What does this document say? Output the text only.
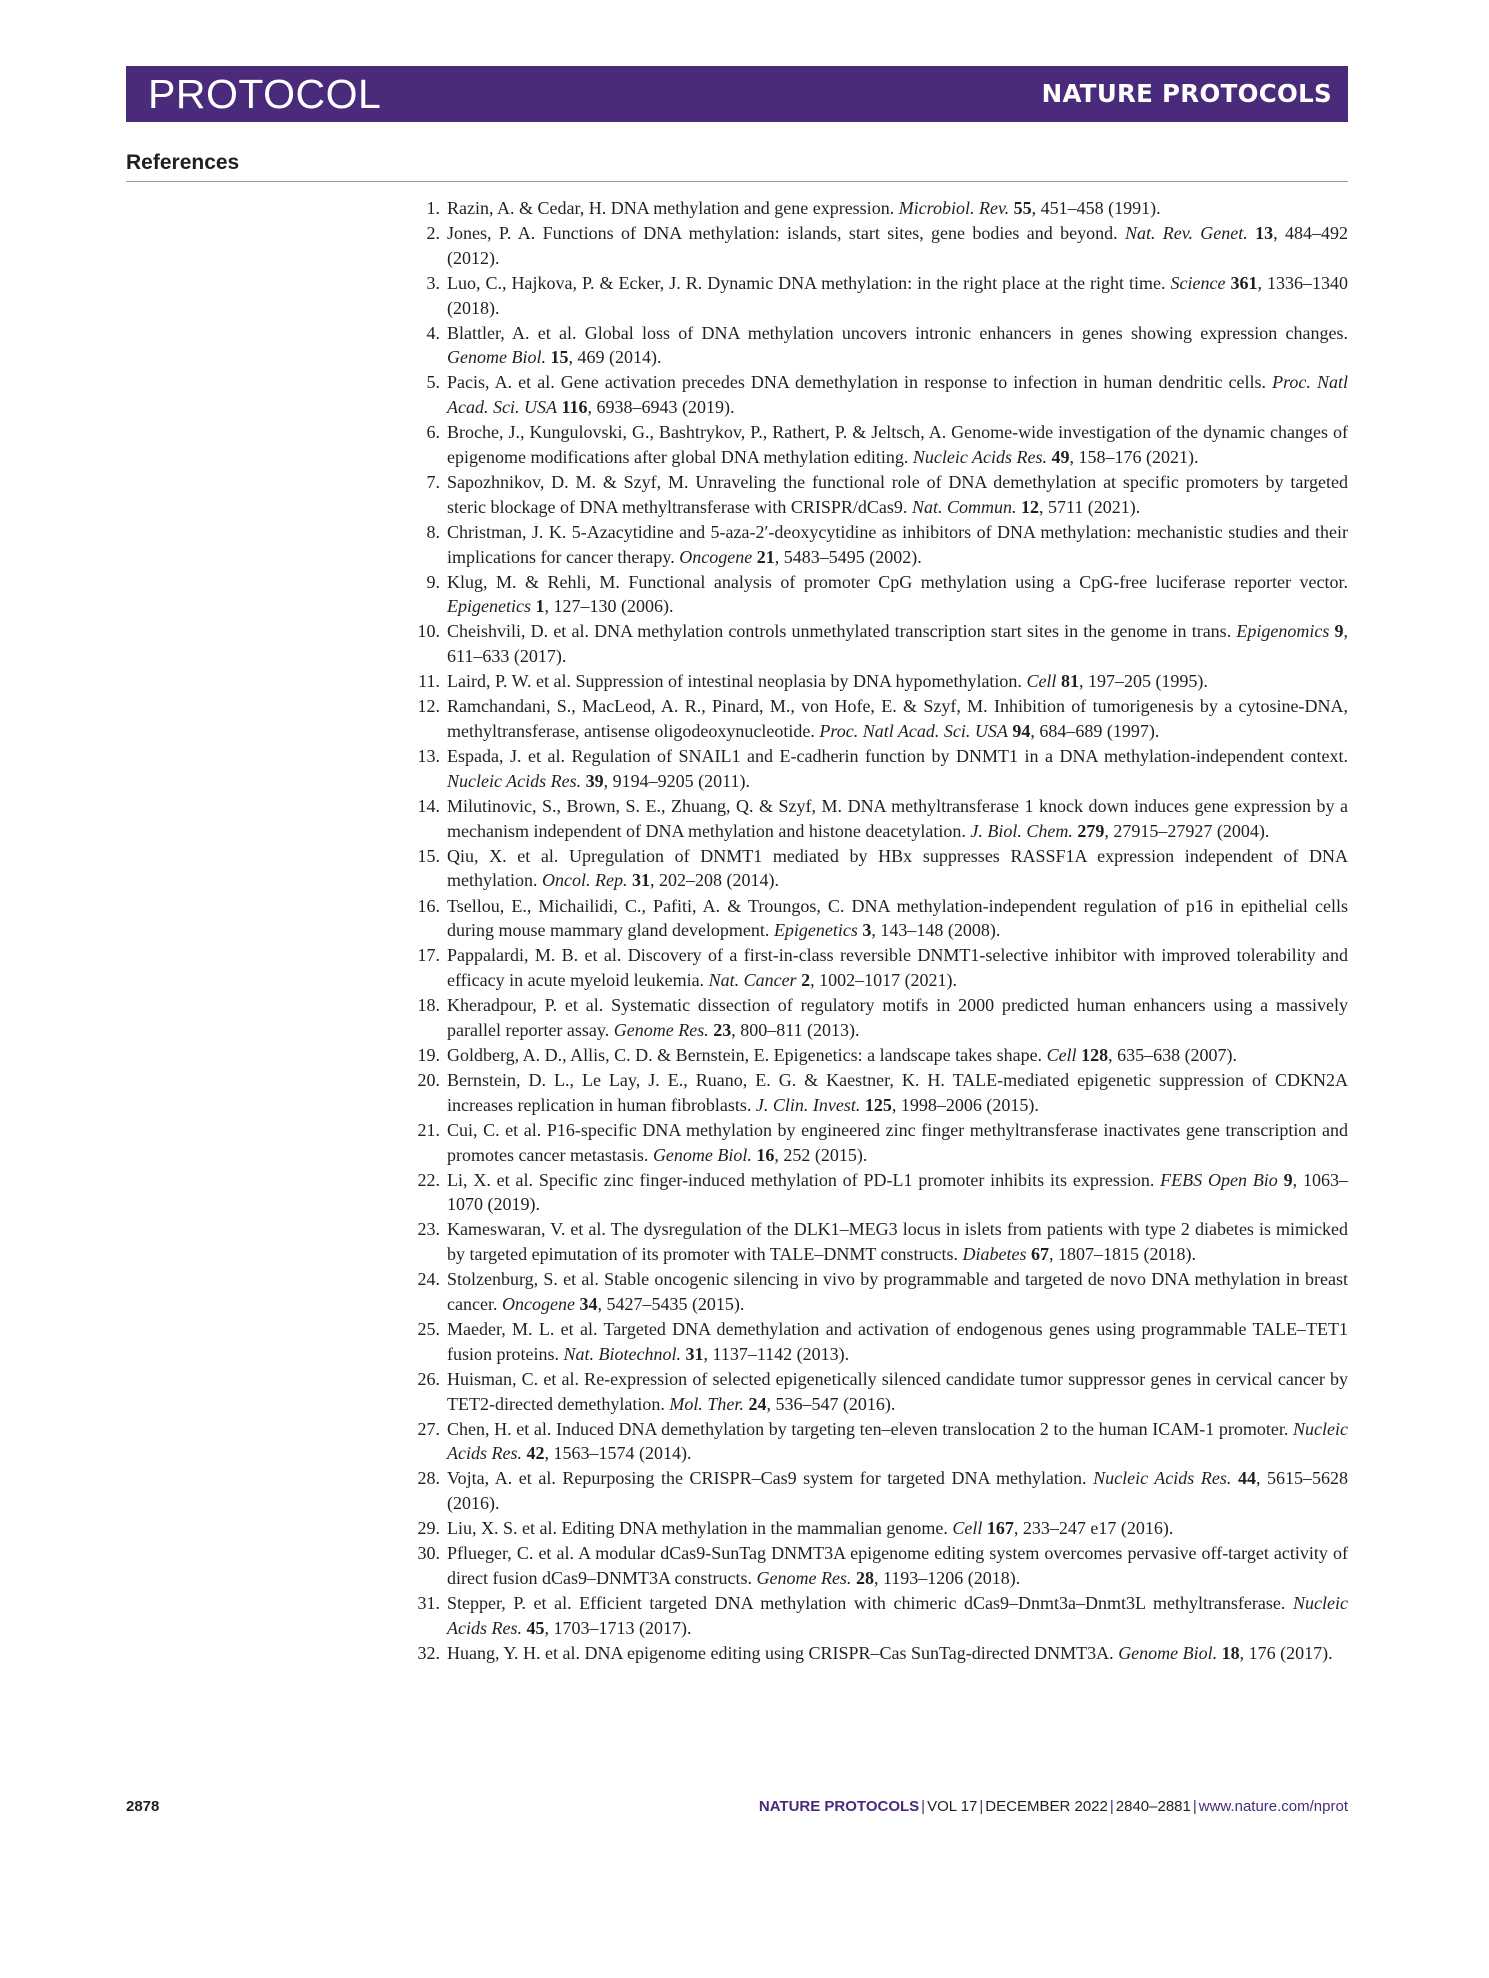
PROTOCOL	NATURE PROTOCOLS
References
1. Razin, A. & Cedar, H. DNA methylation and gene expression. Microbiol. Rev. 55, 451–458 (1991).
2. Jones, P. A. Functions of DNA methylation: islands, start sites, gene bodies and beyond. Nat. Rev. Genet. 13, 484–492 (2012).
3. Luo, C., Hajkova, P. & Ecker, J. R. Dynamic DNA methylation: in the right place at the right time. Science 361, 1336–1340 (2018).
4. Blattler, A. et al. Global loss of DNA methylation uncovers intronic enhancers in genes showing expression changes. Genome Biol. 15, 469 (2014).
5. Pacis, A. et al. Gene activation precedes DNA demethylation in response to infection in human dendritic cells. Proc. Natl Acad. Sci. USA 116, 6938–6943 (2019).
6. Broche, J., Kungulovski, G., Bashtrykov, P., Rathert, P. & Jeltsch, A. Genome-wide investigation of the dynamic changes of epigenome modifications after global DNA methylation editing. Nucleic Acids Res. 49, 158–176 (2021).
7. Sapozhnikov, D. M. & Szyf, M. Unraveling the functional role of DNA demethylation at specific promoters by targeted steric blockage of DNA methyltransferase with CRISPR/dCas9. Nat. Commun. 12, 5711 (2021).
8. Christman, J. K. 5-Azacytidine and 5-aza-2′-deoxycytidine as inhibitors of DNA methylation: mechanistic studies and their implications for cancer therapy. Oncogene 21, 5483–5495 (2002).
9. Klug, M. & Rehli, M. Functional analysis of promoter CpG methylation using a CpG-free luciferase reporter vector. Epigenetics 1, 127–130 (2006).
10. Cheishvili, D. et al. DNA methylation controls unmethylated transcription start sites in the genome in trans. Epigenomics 9, 611–633 (2017).
11. Laird, P. W. et al. Suppression of intestinal neoplasia by DNA hypomethylation. Cell 81, 197–205 (1995).
12. Ramchandani, S., MacLeod, A. R., Pinard, M., von Hofe, E. & Szyf, M. Inhibition of tumorigenesis by a cytosine-DNA, methyltransferase, antisense oligodeoxynucleotide. Proc. Natl Acad. Sci. USA 94, 684–689 (1997).
13. Espada, J. et al. Regulation of SNAIL1 and E-cadherin function by DNMT1 in a DNA methylation-independent context. Nucleic Acids Res. 39, 9194–9205 (2011).
14. Milutinovic, S., Brown, S. E., Zhuang, Q. & Szyf, M. DNA methyltransferase 1 knock down induces gene expression by a mechanism independent of DNA methylation and histone deacetylation. J. Biol. Chem. 279, 27915–27927 (2004).
15. Qiu, X. et al. Upregulation of DNMT1 mediated by HBx suppresses RASSF1A expression independent of DNA methylation. Oncol. Rep. 31, 202–208 (2014).
16. Tsellou, E., Michailidi, C., Pafiti, A. & Troungos, C. DNA methylation-independent regulation of p16 in epithelial cells during mouse mammary gland development. Epigenetics 3, 143–148 (2008).
17. Pappalardi, M. B. et al. Discovery of a first-in-class reversible DNMT1-selective inhibitor with improved tolerability and efficacy in acute myeloid leukemia. Nat. Cancer 2, 1002–1017 (2021).
18. Kheradpour, P. et al. Systematic dissection of regulatory motifs in 2000 predicted human enhancers using a massively parallel reporter assay. Genome Res. 23, 800–811 (2013).
19. Goldberg, A. D., Allis, C. D. & Bernstein, E. Epigenetics: a landscape takes shape. Cell 128, 635–638 (2007).
20. Bernstein, D. L., Le Lay, J. E., Ruano, E. G. & Kaestner, K. H. TALE-mediated epigenetic suppression of CDKN2A increases replication in human fibroblasts. J. Clin. Invest. 125, 1998–2006 (2015).
21. Cui, C. et al. P16-specific DNA methylation by engineered zinc finger methyltransferase inactivates gene transcription and promotes cancer metastasis. Genome Biol. 16, 252 (2015).
22. Li, X. et al. Specific zinc finger-induced methylation of PD-L1 promoter inhibits its expression. FEBS Open Bio 9, 1063–1070 (2019).
23. Kameswaran, V. et al. The dysregulation of the DLK1–MEG3 locus in islets from patients with type 2 diabetes is mimicked by targeted epimutation of its promoter with TALE–DNMT constructs. Diabetes 67, 1807–1815 (2018).
24. Stolzenburg, S. et al. Stable oncogenic silencing in vivo by programmable and targeted de novo DNA methylation in breast cancer. Oncogene 34, 5427–5435 (2015).
25. Maeder, M. L. et al. Targeted DNA demethylation and activation of endogenous genes using programmable TALE–TET1 fusion proteins. Nat. Biotechnol. 31, 1137–1142 (2013).
26. Huisman, C. et al. Re-expression of selected epigenetically silenced candidate tumor suppressor genes in cervical cancer by TET2-directed demethylation. Mol. Ther. 24, 536–547 (2016).
27. Chen, H. et al. Induced DNA demethylation by targeting ten–eleven translocation 2 to the human ICAM-1 promoter. Nucleic Acids Res. 42, 1563–1574 (2014).
28. Vojta, A. et al. Repurposing the CRISPR–Cas9 system for targeted DNA methylation. Nucleic Acids Res. 44, 5615–5628 (2016).
29. Liu, X. S. et al. Editing DNA methylation in the mammalian genome. Cell 167, 233–247 e17 (2016).
30. Pflueger, C. et al. A modular dCas9-SunTag DNMT3A epigenome editing system overcomes pervasive off-target activity of direct fusion dCas9–DNMT3A constructs. Genome Res. 28, 1193–1206 (2018).
31. Stepper, P. et al. Efficient targeted DNA methylation with chimeric dCas9–Dnmt3a–Dnmt3L methyltransferase. Nucleic Acids Res. 45, 1703–1713 (2017).
32. Huang, Y. H. et al. DNA epigenome editing using CRISPR–Cas SunTag-directed DNMT3A. Genome Biol. 18, 176 (2017).
2878	NATURE PROTOCOLS | VOL 17 | DECEMBER 2022 | 2840–2881 | www.nature.com/nprot
